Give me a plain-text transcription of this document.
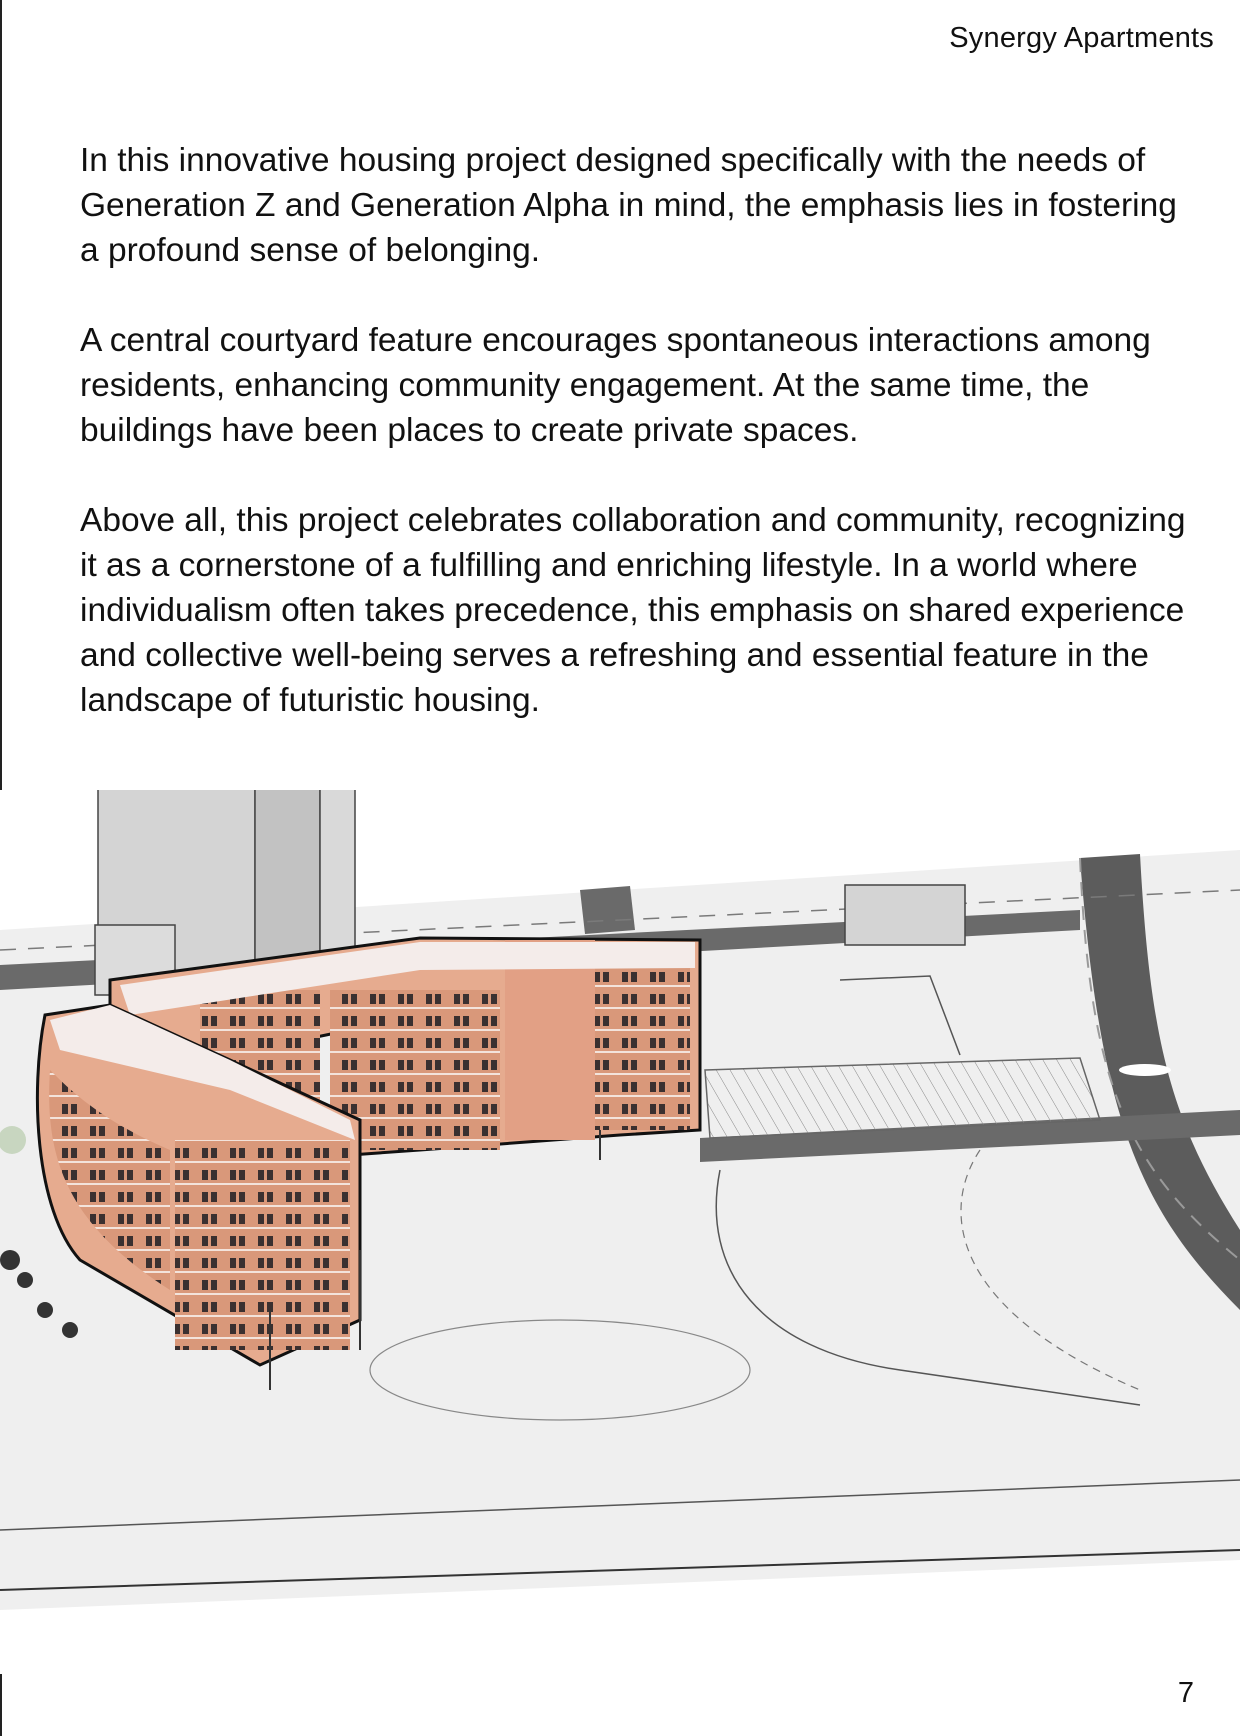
Synergy Apartments

In this innovative housing project designed specifically with the needs of Generation Z and Generation Alpha in mind, the emphasis lies in fostering a profound sense of belonging.

A central courtyard feature encourages spontaneous interactions among residents, enhancing community engagement. At the same time, the buildings have been places to create private spaces.

Above all, this project celebrates collaboration and community, recognizing it as a cornerstone of a fulfilling and enriching lifestyle. In a world where individualism often takes precedence, this emphasis on shared experience and collective well-being serves a refreshing and essential feature in the landscape of futuristic housing.

7
